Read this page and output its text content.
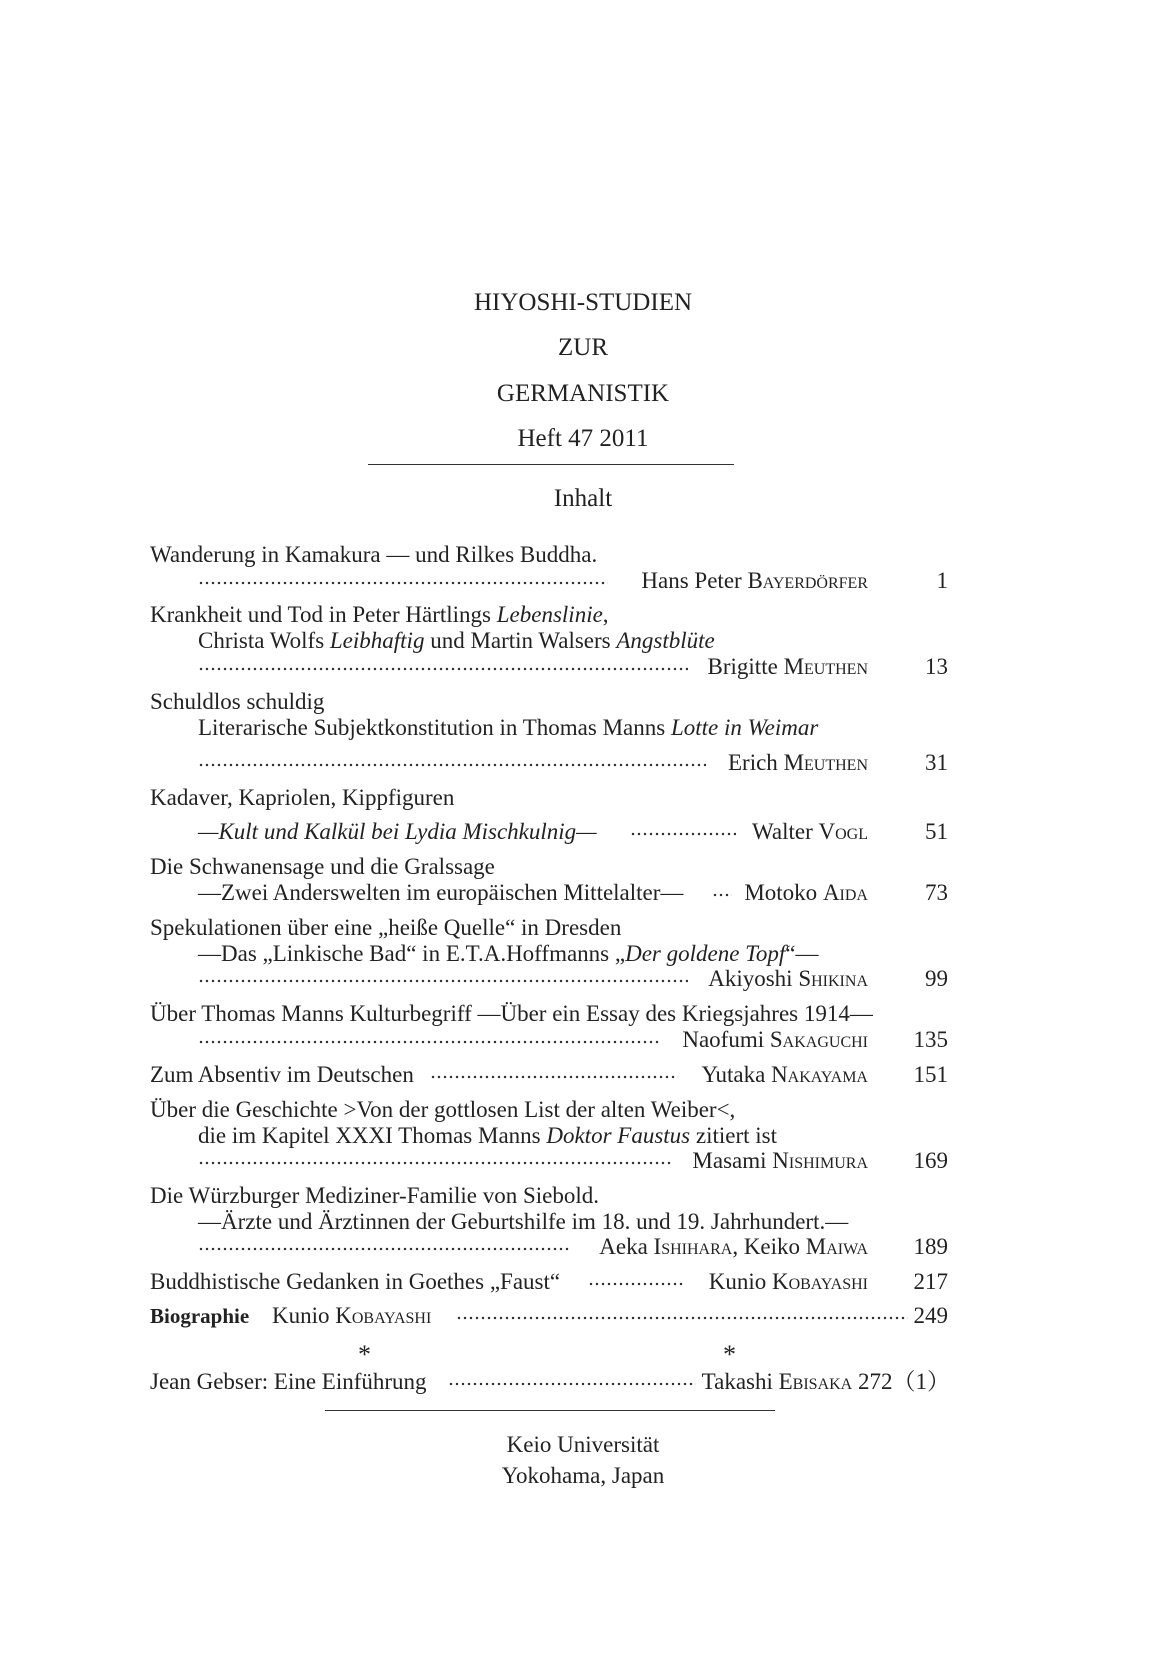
HIYOSHI-STUDIEN
ZUR
GERMANISTIK
Heft 47 2011
Inhalt
Wanderung in Kamakura — und Rilkes Buddha.
Hans Peter Bayerdörfer	1
Krankheit und Tod in Peter Härtlings Lebenslinie,
Christa Wolfs Leibhaftig und Martin Walsers Angstblüte
Brigitte Meuthen 13
Schuldlos schuldig
Literarische Subjektkonstitution in Thomas Manns Lotte in Weimar
Erich Meuthen 31
Kadaver, Kapriolen, Kippfiguren
—Kult und Kalkül bei Lydia Mischkulnig—	Walter Vogl 51
Die Schwanensage und die Gralssage
—Zwei Anderswelten im europäischen Mittelalter—	Motoko Aida 73
Spekulationen über eine „heiße Quelle“ in Dresden
—Das „Linkische Bad“ in E.T.A.Hoffmanns „Der goldene Topf“—
Akiyoshi Shikina 99
Über Thomas Manns Kulturbegriff —Über ein Essay des Kriegsjahres 1914—
Naofumi Sakaguchi 135
Zum Absentiv im Deutschen	Yutaka Nakayama 151
Über die Geschichte >Von der gottlosen List der alten Weiber<,
die im Kapitel XXXI Thomas Manns Doktor Faustus zitiert ist
Masami Nishimura 169
Die Würzburger Mediziner-Familie von Siebold.
—Ärzte und Ärztinnen der Geburtshilfe im 18. und 19. Jahrhundert.—
Aeka Ishihara, Keiko Maiwa 189
Buddhistische Gedanken in Goethes „Faust“	Kunio Kobayashi 217
Biographie Kunio Kobayashi	249
*	*
Jean Gebser: Eine Einführung	Takashi Ebisaka 272（1）
Keio Universität
Yokohama, Japan
